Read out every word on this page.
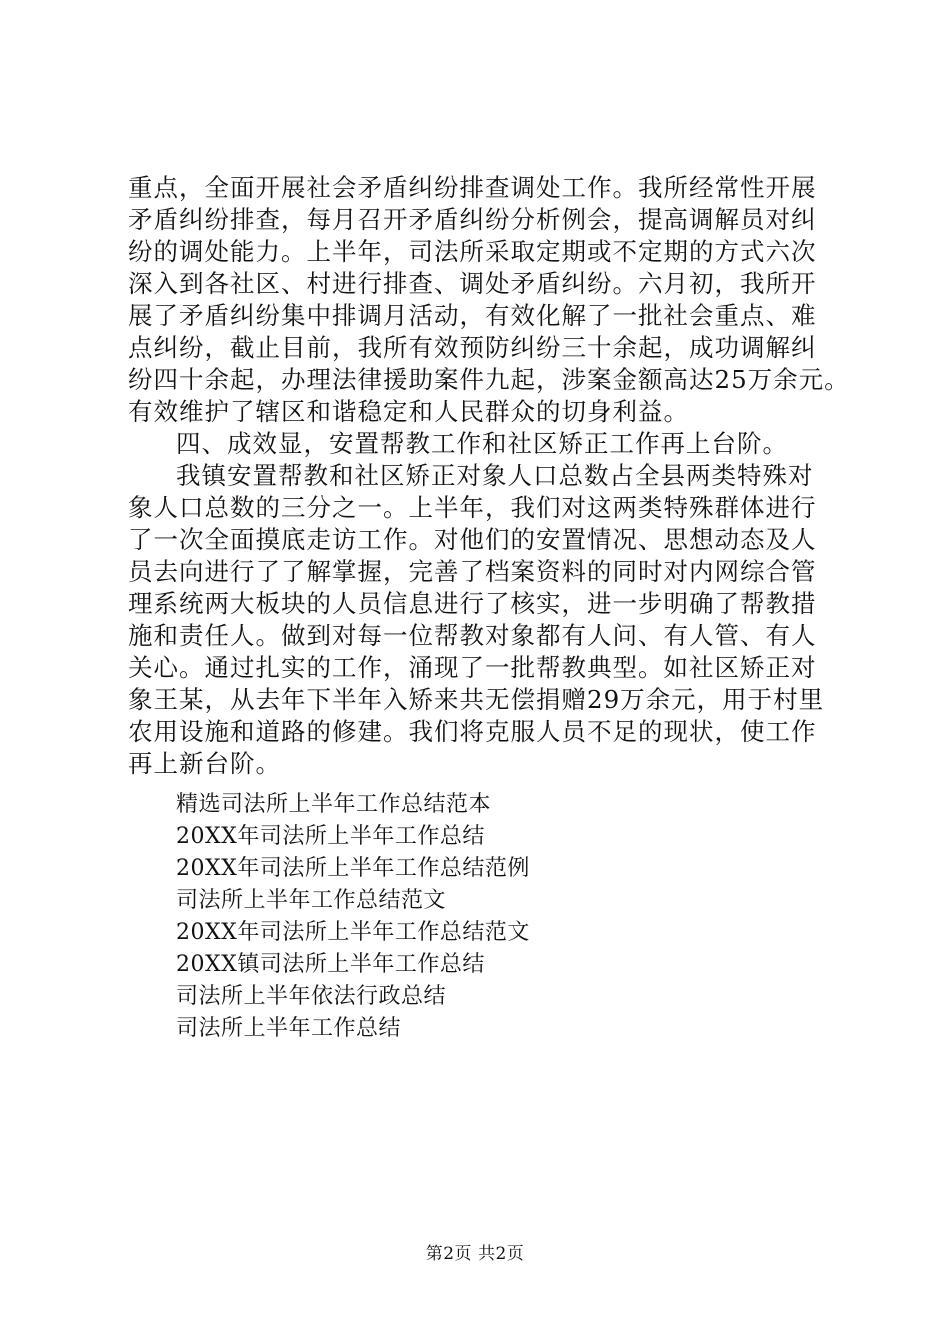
重点，全面开展社会矛盾纠纷排查调处工作。我所经常性开展
矛盾纠纷排查，每月召开矛盾纠纷分析例会，提高调解员对纠
纷的调处能力。上半年，司法所采取定期或不定期的方式六次
深入到各社区、村进行排查、调处矛盾纠纷。六月初，我所开
展了矛盾纠纷集中排调月活动，有效化解了一批社会重点、难
点纠纷，截止目前，我所有效预防纠纷三十余起，成功调解纠
纷四十余起，办理法律援助案件九起，涉案金额高达25万余元。
有效维护了辖区和谐稳定和人民群众的切身利益。
四、成效显，安置帮教工作和社区矫正工作再上台阶。
我镇安置帮教和社区矫正对象人口总数占全县两类特殊对
象人口总数的三分之一。上半年，我们对这两类特殊群体进行
了一次全面摸底走访工作。对他们的安置情况、思想动态及人
员去向进行了了解掌握，完善了档案资料的同时对内网综合管
理系统两大板块的人员信息进行了核实，进一步明确了帮教措
施和责任人。做到对每一位帮教对象都有人问、有人管、有人
关心。通过扎实的工作，涌现了一批帮教典型。如社区矫正对
象王某，从去年下半年入矫来共无偿捐赠29万余元，用于村里
农用设施和道路的修建。我们将克服人员不足的现状，使工作
再上新台阶。
精选司法所上半年工作总结范本
20XX年司法所上半年工作总结
20XX年司法所上半年工作总结范例
司法所上半年工作总结范文
20XX年司法所上半年工作总结范文
20XX镇司法所上半年工作总结
司法所上半年依法行政总结
司法所上半年工作总结
第2页 共2页
